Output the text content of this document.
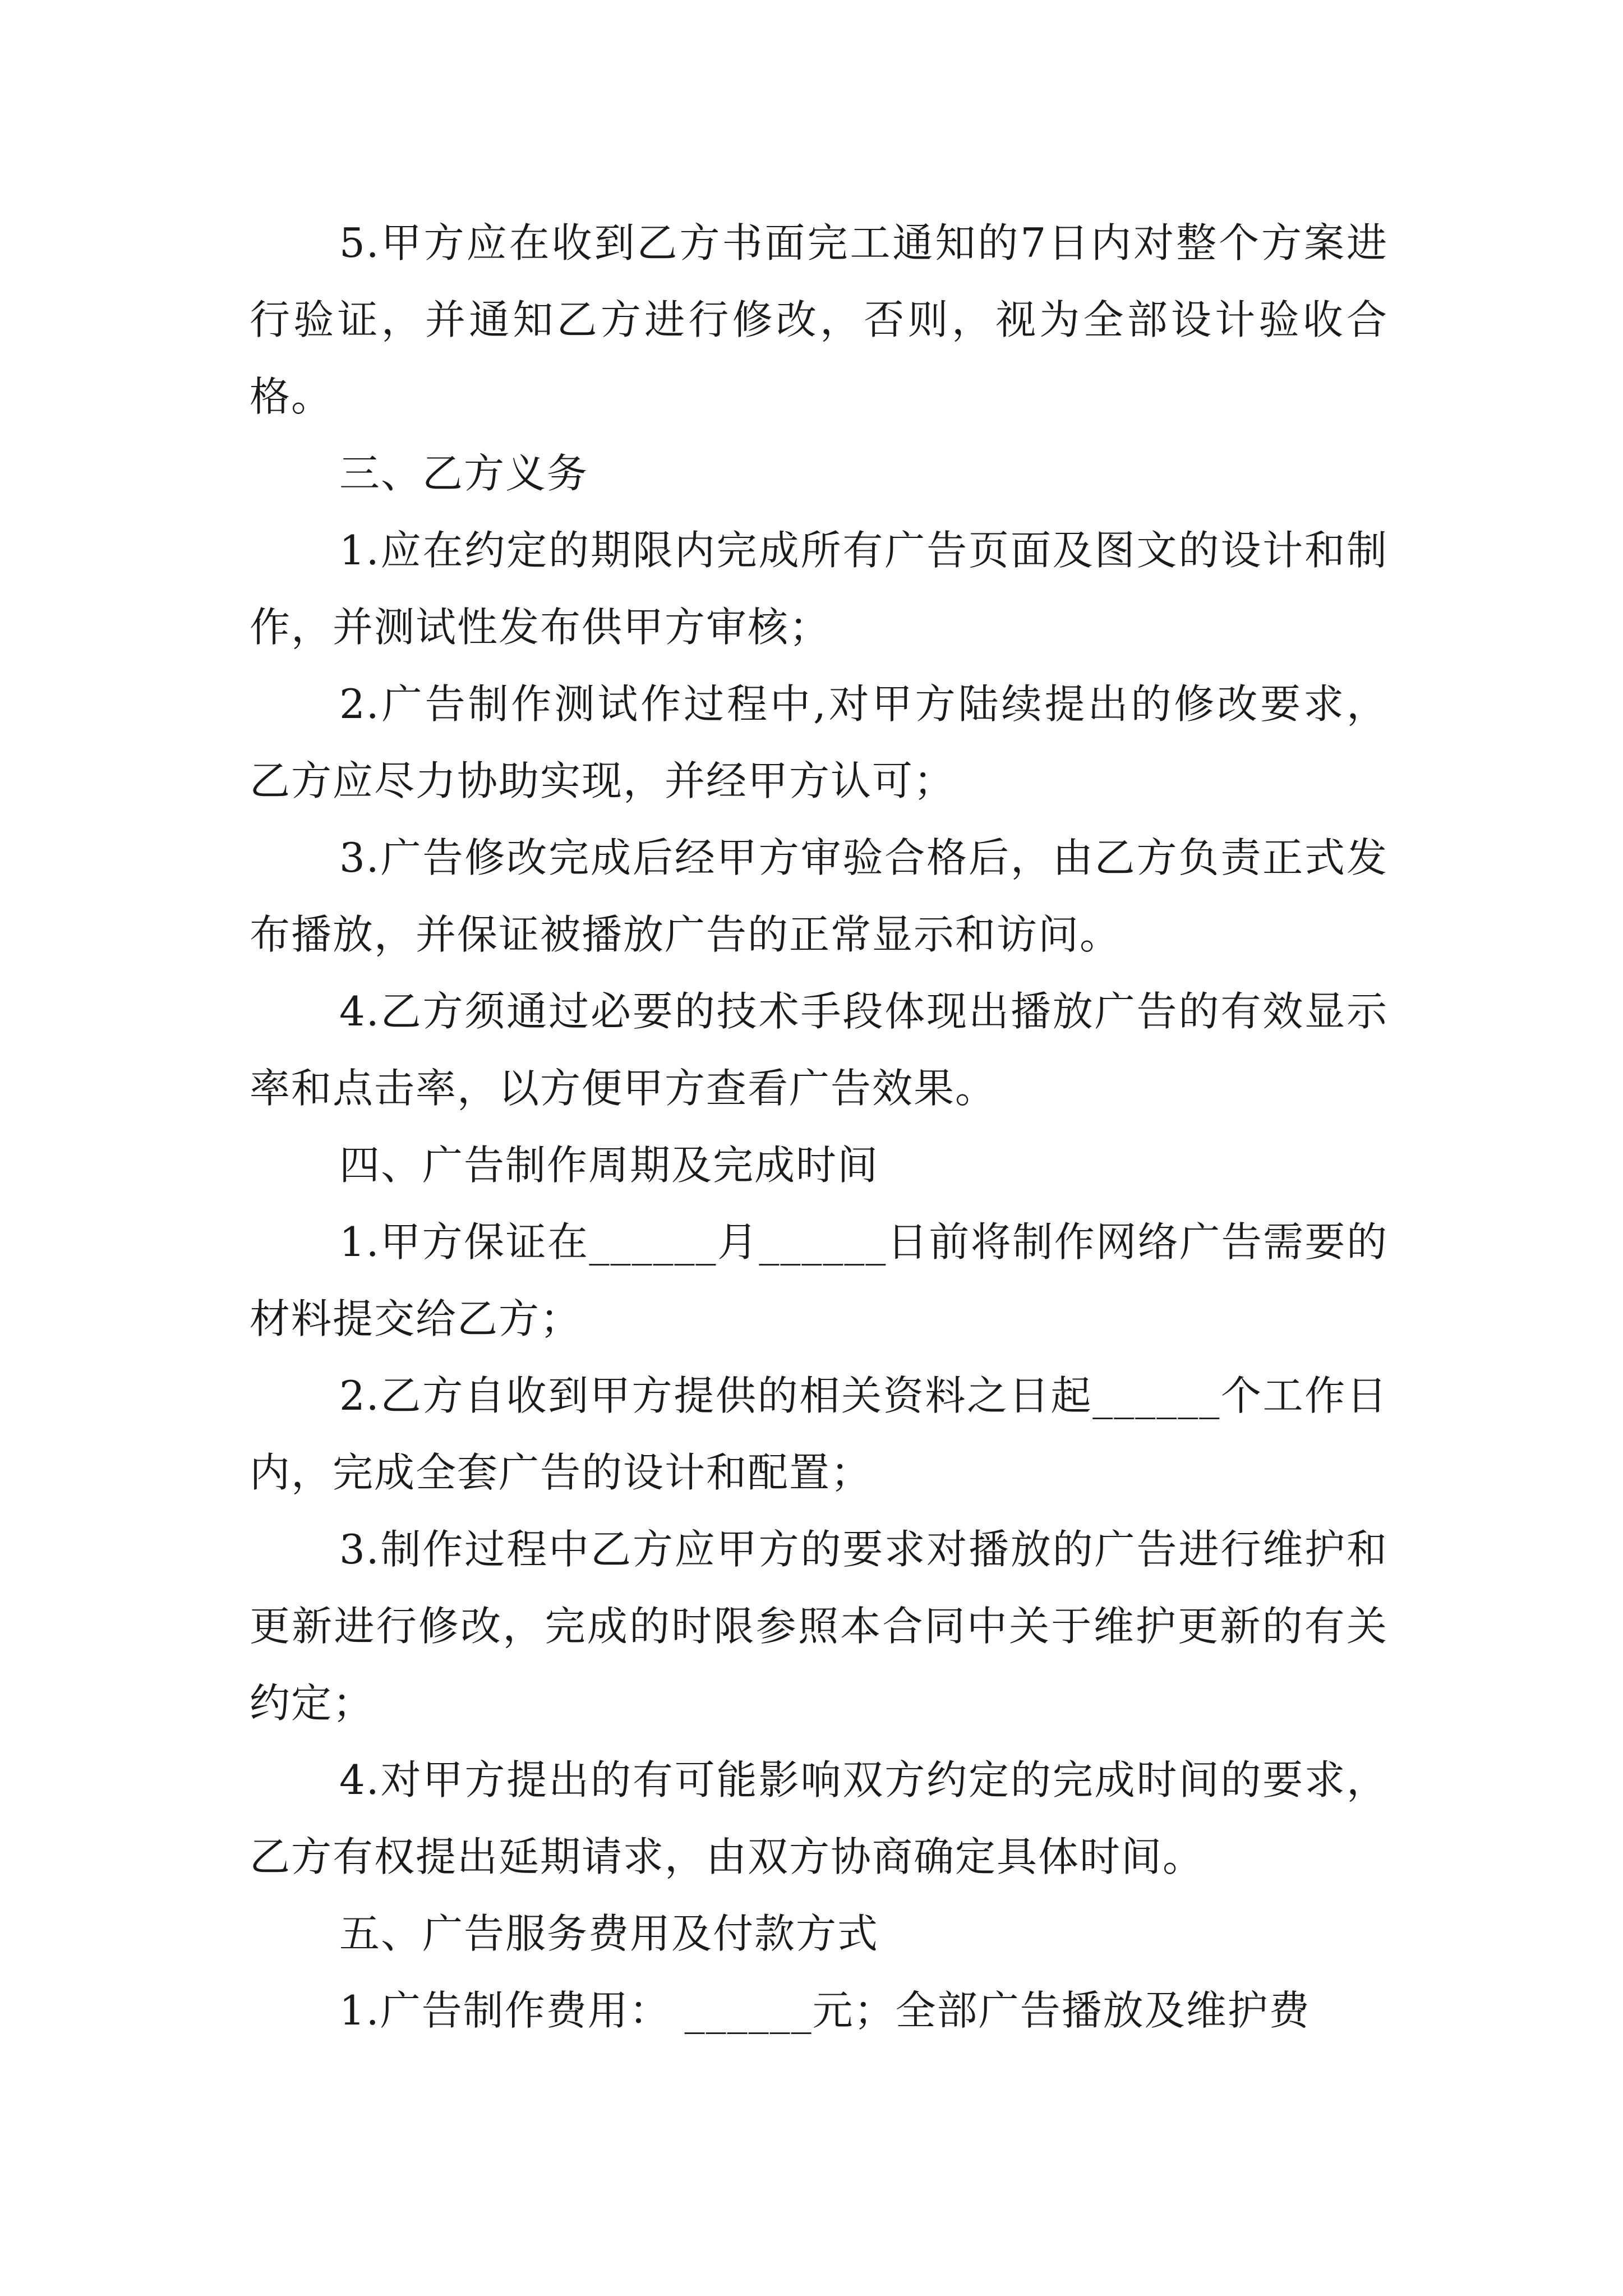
5.甲方应在收到乙方书面完工通知的7日内对整个方案进行验证，并通知乙方进行修改，否则，视为全部设计验收合格。

三、乙方义务

1.应在约定的期限内完成所有广告页面及图文的设计和制作，并测试性发布供甲方审核；

2.广告制作测试作过程中,对甲方陆续提出的修改要求，乙方应尽力协助实现，并经甲方认可；

3.广告修改完成后经甲方审验合格后，由乙方负责正式发布播放，并保证被播放广告的正常显示和访问。

4.乙方须通过必要的技术手段体现出播放广告的有效显示率和点击率，以方便甲方查看广告效果。

四、广告制作周期及完成时间

1.甲方保证在______月______日前将制作网络广告需要的材料提交给乙方；

2.乙方自收到甲方提供的相关资料之日起______个工作日内，完成全套广告的设计和配置；

3.制作过程中乙方应甲方的要求对播放的广告进行维护和更新进行修改，完成的时限参照本合同中关于维护更新的有关约定；

4.对甲方提出的有可能影响双方约定的完成时间的要求，乙方有权提出延期请求，由双方协商确定具体时间。

五、广告服务费用及付款方式

1.广告制作费用： ______元；全部广告播放及维护费
